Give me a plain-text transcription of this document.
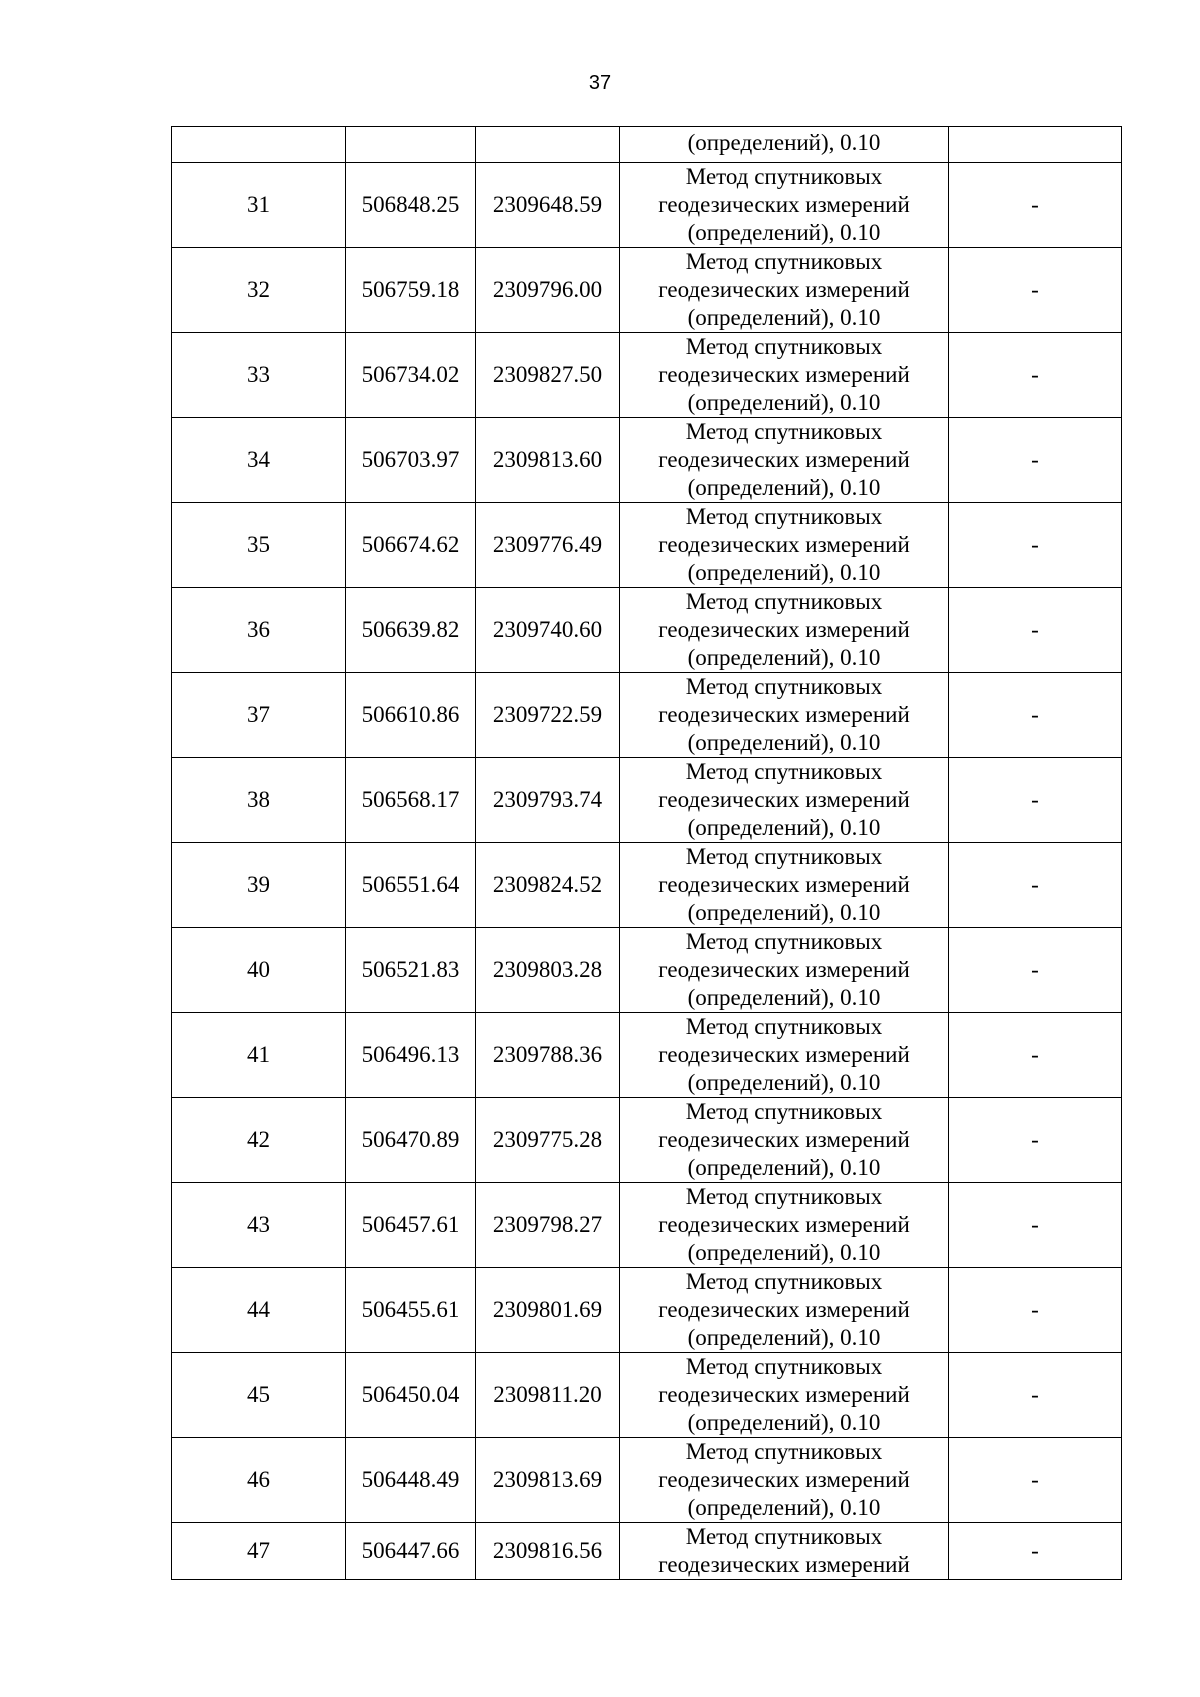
37

			(определений), 0.10	

31	506848.25	2309648.59	Метод спутниковых
геодезических измерений
(определений), 0.10	-
32	506759.18	2309796.00	Метод спутниковых
геодезических измерений
(определений), 0.10	-
33	506734.02	2309827.50	Метод спутниковых
геодезических измерений
(определений), 0.10	-
34	506703.97	2309813.60	Метод спутниковых
геодезических измерений
(определений), 0.10	-
35	506674.62	2309776.49	Метод спутниковых
геодезических измерений
(определений), 0.10	-
36	506639.82	2309740.60	Метод спутниковых
геодезических измерений
(определений), 0.10	-
37	506610.86	2309722.59	Метод спутниковых
геодезических измерений
(определений), 0.10	-
38	506568.17	2309793.74	Метод спутниковых
геодезических измерений
(определений), 0.10	-
39	506551.64	2309824.52	Метод спутниковых
геодезических измерений
(определений), 0.10	-
40	506521.83	2309803.28	Метод спутниковых
геодезических измерений
(определений), 0.10	-
41	506496.13	2309788.36	Метод спутниковых
геодезических измерений
(определений), 0.10	-
42	506470.89	2309775.28	Метод спутниковых
геодезических измерений
(определений), 0.10	-
43	506457.61	2309798.27	Метод спутниковых
геодезических измерений
(определений), 0.10	-
44	506455.61	2309801.69	Метод спутниковых
геодезических измерений
(определений), 0.10	-
45	506450.04	2309811.20	Метод спутниковых
геодезических измерений
(определений), 0.10	-
46	506448.49	2309813.69	Метод спутниковых
геодезических измерений
(определений), 0.10	-
47	506447.66	2309816.56	Метод спутниковых
геодезических измерений	-
